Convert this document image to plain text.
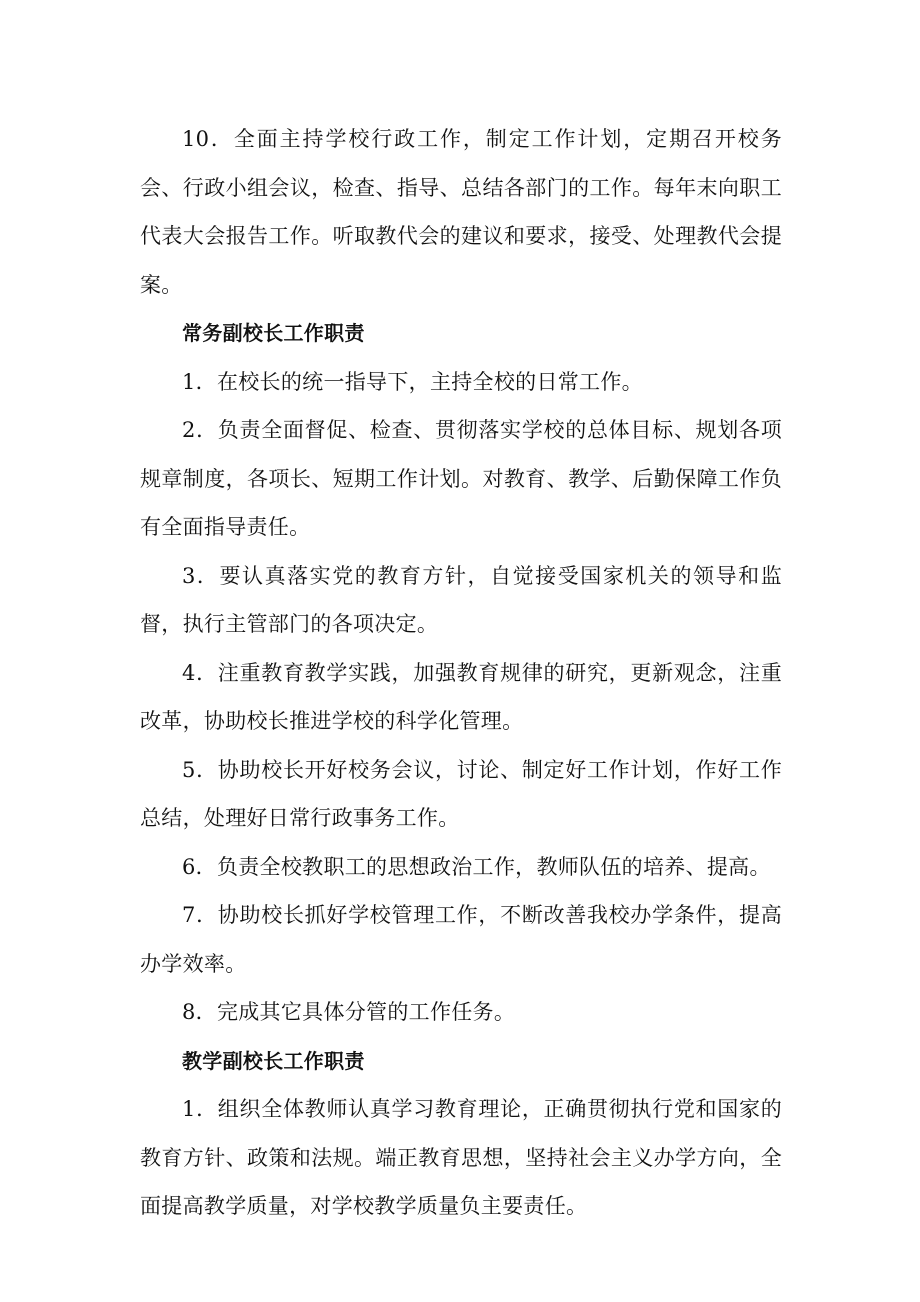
10．全面主持学校行政工作，制定工作计划，定期召开校务会、行政小组会议，检查、指导、总结各部门的工作。每年末向职工代表大会报告工作。听取教代会的建议和要求，接受、处理教代会提案。

常务副校长工作职责

1．在校长的统一指导下，主持全校的日常工作。

2．负责全面督促、检查、贯彻落实学校的总体目标、规划各项规章制度，各项长、短期工作计划。对教育、教学、后勤保障工作负有全面指导责任。

3．要认真落实党的教育方针，自觉接受国家机关的领导和监督，执行主管部门的各项决定。

4．注重教育教学实践，加强教育规律的研究，更新观念，注重改革，协助校长推进学校的科学化管理。

5．协助校长开好校务会议，讨论、制定好工作计划，作好工作总结，处理好日常行政事务工作。

6．负责全校教职工的思想政治工作，教师队伍的培养、提高。

7．协助校长抓好学校管理工作，不断改善我校办学条件，提高办学效率。

8．完成其它具体分管的工作任务。

教学副校长工作职责

1．组织全体教师认真学习教育理论，正确贯彻执行党和国家的教育方针、政策和法规。端正教育思想，坚持社会主义办学方向，全面提高教学质量，对学校教学质量负主要责任。
